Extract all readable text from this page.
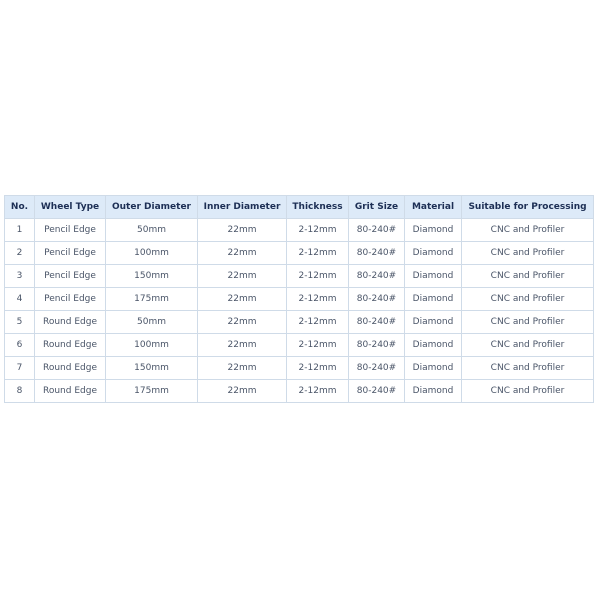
No.	Wheel Type	Outer Diameter	Inner Diameter	Thickness	Grit Size	Material	Suitable for Processing
1	Pencil Edge	50mm	22mm	2-12mm	80-240#	Diamond	CNC and Profiler
2	Pencil Edge	100mm	22mm	2-12mm	80-240#	Diamond	CNC and Profiler
3	Pencil Edge	150mm	22mm	2-12mm	80-240#	Diamond	CNC and Profiler
4	Pencil Edge	175mm	22mm	2-12mm	80-240#	Diamond	CNC and Profiler
5	Round Edge	50mm	22mm	2-12mm	80-240#	Diamond	CNC and Profiler
6	Round Edge	100mm	22mm	2-12mm	80-240#	Diamond	CNC and Profiler
7	Round Edge	150mm	22mm	2-12mm	80-240#	Diamond	CNC and Profiler
8	Round Edge	175mm	22mm	2-12mm	80-240#	Diamond	CNC and Profiler
